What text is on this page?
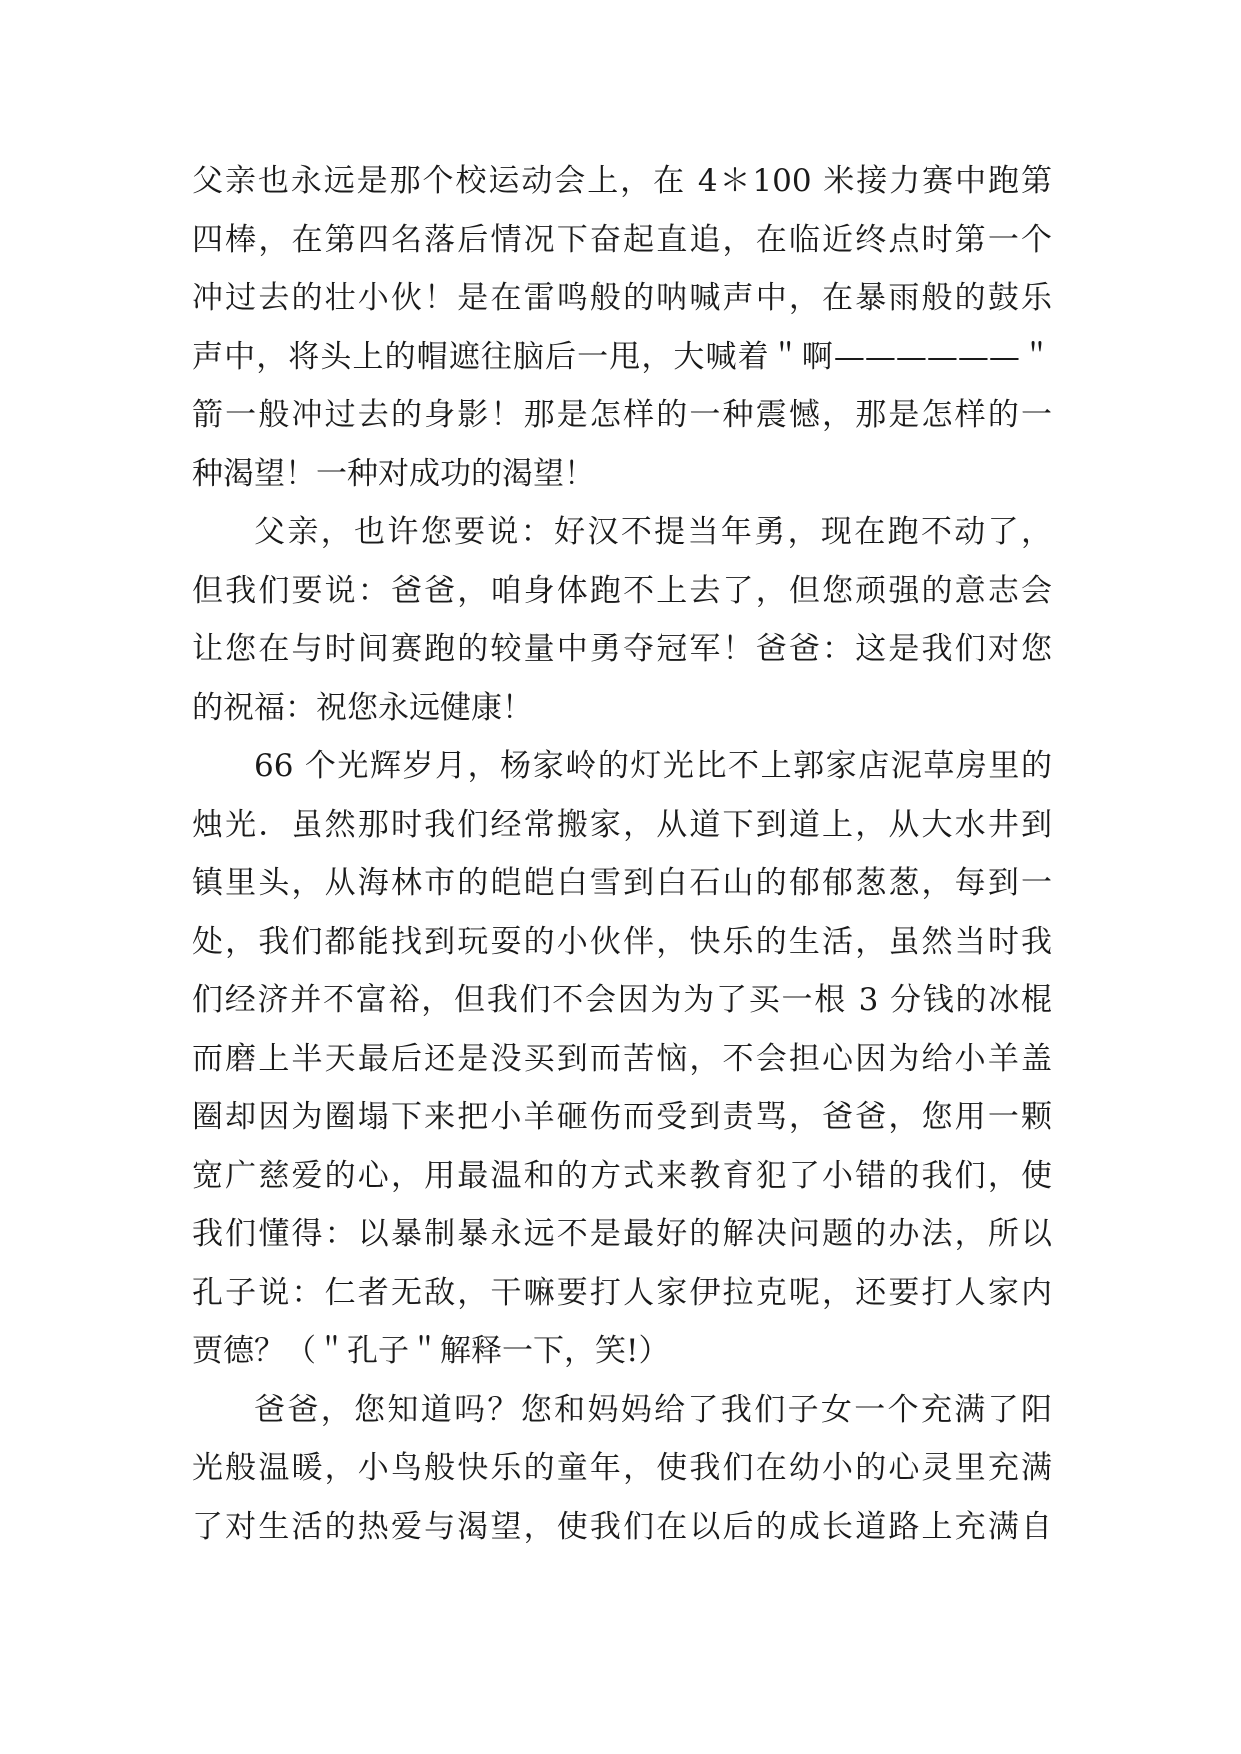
父亲也永远是那个校运动会上，在 4＊100 米接力赛中跑第
四棒，在第四名落后情况下奋起直追，在临近终点时第一个
冲过去的壮小伙！是在雷鸣般的呐喊声中，在暴雨般的鼓乐
声中，将头上的帽遮往脑后一甩，大喊着＂啊——————＂
箭一般冲过去的身影！那是怎样的一种震憾，那是怎样的一
种渴望！一种对成功的渴望！
父亲，也许您要说：好汉不提当年勇，现在跑不动了，
但我们要说：爸爸，咱身体跑不上去了，但您顽强的意志会
让您在与时间赛跑的较量中勇夺冠军！爸爸：这是我们对您
的祝福：祝您永远健康！
66 个光辉岁月，杨家岭的灯光比不上郭家店泥草房里的
烛光．虽然那时我们经常搬家，从道下到道上，从大水井到
镇里头，从海林市的皑皑白雪到白石山的郁郁葱葱，每到一
处，我们都能找到玩耍的小伙伴，快乐的生活，虽然当时我
们经济并不富裕，但我们不会因为为了买一根 3 分钱的冰棍
而磨上半天最后还是没买到而苦恼，不会担心因为给小羊盖
圈却因为圈塌下来把小羊砸伤而受到责骂，爸爸，您用一颗
宽广慈爱的心，用最温和的方式来教育犯了小错的我们，使
我们懂得：以暴制暴永远不是最好的解决问题的办法，所以
孔子说：仁者无敌，干嘛要打人家伊拉克呢，还要打人家内
贾德？（＂孔子＂解释一下，笑!）
爸爸，您知道吗？您和妈妈给了我们子女一个充满了阳
光般温暖，小鸟般快乐的童年，使我们在幼小的心灵里充满
了对生活的热爱与渴望，使我们在以后的成长道路上充满自
